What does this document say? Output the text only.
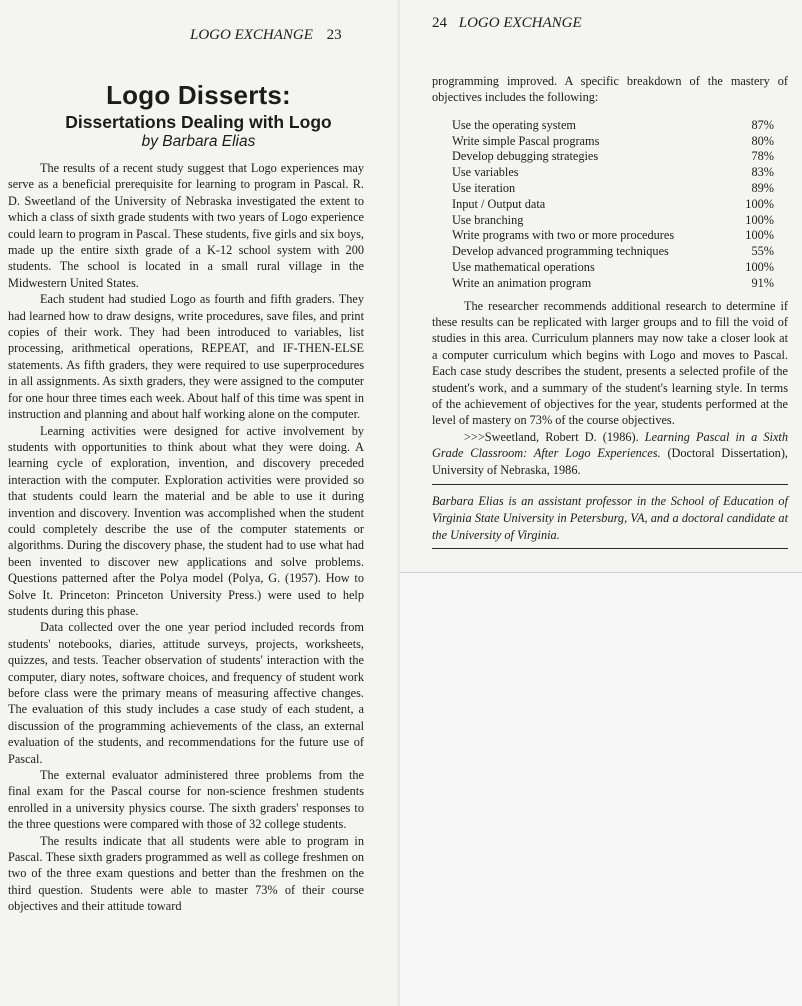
LOGO EXCHANGE 23
Logo Disserts:
Dissertations Dealing with Logo
by Barbara Elias

The results of a recent study suggest that Logo experiences may serve as a beneficial prerequisite for learning to program in Pascal. R. D. Sweetland of the University of Nebraska investigated the extent to which a class of sixth grade students with two years of Logo experience could learn to program in Pascal. These students, five girls and six boys, made up the entire sixth grade of a K-12 school system with 200 students. The school is located in a small rural village in the Midwestern United States.

Each student had studied Logo as fourth and fifth graders. They had learned how to draw designs, write procedures, save files, and print copies of their work. They had been introduced to variables, list processing, arithmetical operations, REPEAT, and IF-THEN-ELSE statements. As fifth graders, they were required to use superprocedures in all assignments. As sixth graders, they were assigned to the computer for one hour three times each week. About half of this time was spent in instruction and planning and about half working alone on the computer.

Learning activities were designed for active involvement by students with opportunities to think about what they were doing. A learning cycle of exploration, invention, and discovery preceded interaction with the computer. Exploration activities were provided so that students could learn the material and be able to use it during invention and discovery. Invention was accomplished when the student could completely describe the use of the computer statements or algorithms. During the discovery phase, the student had to use what had been invented to discover new applications and solve problems. Questions patterned after the Polya model (Polya, G. (1957). How to Solve It. Princeton: Princeton University Press.) were used to help students during this phase.

Data collected over the one year period included records from students' notebooks, diaries, attitude surveys, projects, worksheets, quizzes, and tests. Teacher observation of students' interaction with the computer, diary notes, software choices, and frequency of student work before class were the primary means of measuring affective changes. The evaluation of this study includes a case study of each student, a discussion of the programming achievements of the class, an external evaluation of the students, and recommendations for the future use of Pascal.

The external evaluator administered three problems from the final exam for the Pascal course for non-science freshmen students enrolled in a university physics course. The sixth graders' responses to the three questions were compared with those of 32 college students.

The results indicate that all students were able to program in Pascal. These sixth graders programmed as well as college freshmen on two of the three exam questions and better than the freshmen on the third question. Students were able to master 73% of their course objectives and their attitude toward

24 LOGO EXCHANGE

programming improved. A specific breakdown of the mastery of objectives includes the following:

Use the operating system	87%
Write simple Pascal programs	80%
Develop debugging strategies	78%
Use variables	83%
Use iteration	89%
Input / Output data	100%
Use branching	100%
Write programs with two or more procedures	100%
Develop advanced programming techniques	55%
Use mathematical operations	100%
Write an animation program	91%

The researcher recommends additional research to determine if these results can be replicated with larger groups and to fill the void of studies in this area. Curriculum planners may now take a closer look at a computer curriculum which begins with Logo and moves to Pascal. Each case study describes the student, presents a selected profile of the student's work, and a summary of the student's learning style. In terms of the achievement of objectives for the year, students performed at the level of mastery on 73% of the course objectives.

>>>Sweetland, Robert D. (1986). Learning Pascal in a Sixth Grade Classroom: After Logo Experiences. (Doctoral Dissertation), University of Nebraska, 1986.

Barbara Elias is an assistant professor in the School of Education of Virginia State University in Petersburg, VA, and a doctoral candidate at the University of Virginia.
